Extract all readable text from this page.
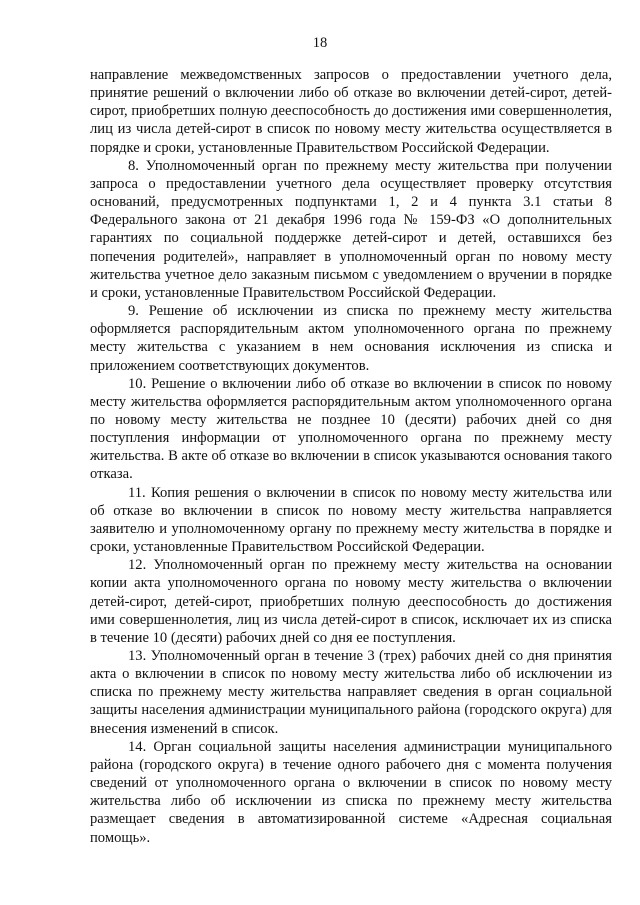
18

направление межведомственных запросов о предоставлении учетного дела, принятие решений о включении либо об отказе во включении детей-сирот, детей-сирот, приобретших полную дееспособность до достижения ими совершеннолетия, лиц из числа детей-сирот в список по новому месту жительства осуществляется в порядке и сроки, установленные Правительством Российской Федерации.

8. Уполномоченный орган по прежнему месту жительства при получении запроса о предоставлении учетного дела осуществляет проверку отсутствия оснований, предусмотренных подпунктами 1, 2 и 4 пункта 3.1 статьи 8 Федерального закона от 21 декабря 1996 года № 159-ФЗ «О дополнительных гарантиях по социальной поддержке детей-сирот и детей, оставшихся без попечения родителей», направляет в уполномоченный орган по новому месту жительства учетное дело заказным письмом с уведомлением о вручении в порядке и сроки, установленные Правительством Российской Федерации.

9. Решение об исключении из списка по прежнему месту жительства оформляется распорядительным актом уполномоченного органа по прежнему месту жительства с указанием в нем основания исключения из списка и приложением соответствующих документов.

10. Решение о включении либо об отказе во включении в список по новому месту жительства оформляется распорядительным актом уполномоченного органа по новому месту жительства не позднее 10 (десяти) рабочих дней со дня поступления информации от уполномоченного органа по прежнему месту жительства. В акте об отказе во включении в список указываются основания такого отказа.

11. Копия решения о включении в список по новому месту жительства или об отказе во включении в список по новому месту жительства направляется заявителю и уполномоченному органу по прежнему месту жительства в порядке и сроки, установленные Правительством Российской Федерации.

12. Уполномоченный орган по прежнему месту жительства на основании копии акта уполномоченного органа по новому месту жительства о включении детей-сирот, детей-сирот, приобретших полную дееспособность до достижения ими совершеннолетия, лиц из числа детей-сирот в список, исключает их из списка в течение 10 (десяти) рабочих дней со дня ее поступления.

13. Уполномоченный орган в течение 3 (трех) рабочих дней со дня принятия акта о включении в список по новому месту жительства либо об исключении из списка по прежнему месту жительства направляет сведения в орган социальной защиты населения администрации муниципального района (городского округа) для внесения изменений в список.

14. Орган социальной защиты населения администрации муниципального района (городского округа) в течение одного рабочего дня с момента получения сведений от уполномоченного органа о включении в список по новому месту жительства либо об исключении из списка по прежнему месту жительства размещает сведения в автоматизированной системе «Адресная социальная помощь».
